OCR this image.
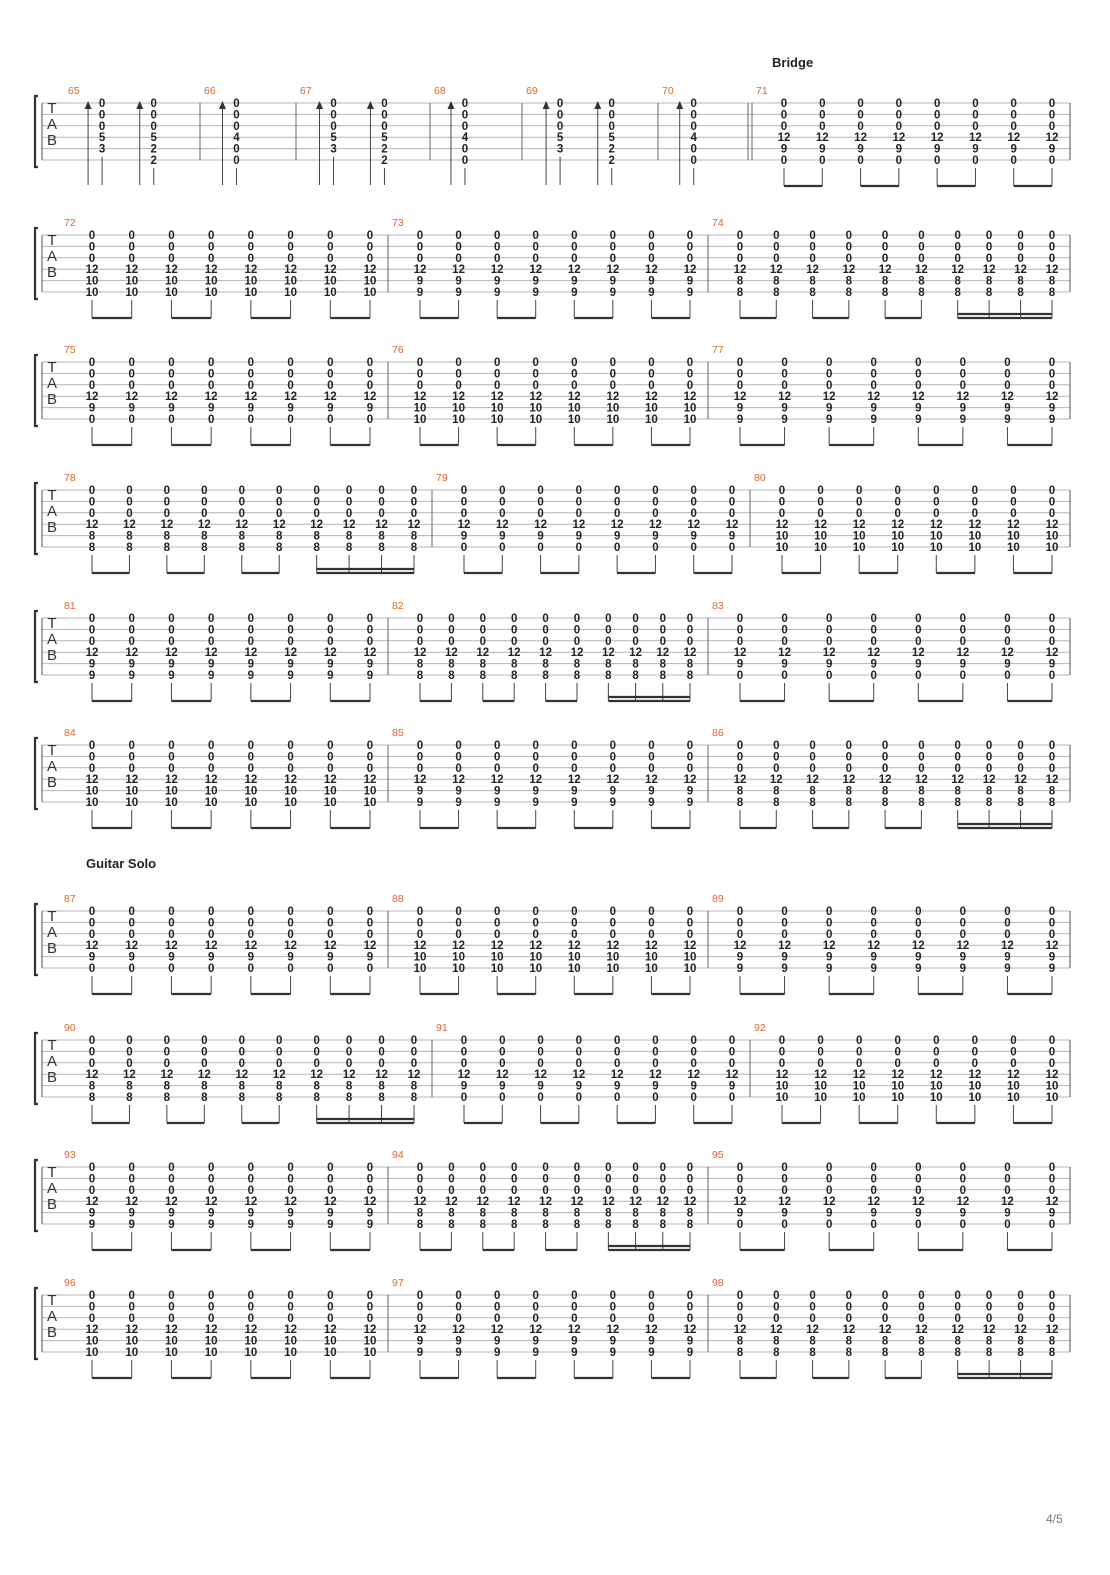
T
A
B
65
0
0
0
5
3
0
0
0
5
2
2
66
0
0
0
4
0
0
67
0
0
0
5
3
0
0
0
5
2
2
68
0
0
0
4
0
0
69
0
0
0
5
3
0
0
0
5
2
2
70
0
0
0
4
0
0
71
0
0
0
12
9
0
0
0
0
12
9
0
0
0
0
12
9
0
0
0
0
12
9
0
0
0
0
12
9
0
0
0
0
12
9
0
0
0
0
12
9
0
0
0
0
12
9
0
T
A
B
72
0
0
0
12
10
10
0
0
0
12
10
10
0
0
0
12
10
10
0
0
0
12
10
10
0
0
0
12
10
10
0
0
0
12
10
10
0
0
0
12
10
10
0
0
0
12
10
10
73
0
0
0
12
9
9
0
0
0
12
9
9
0
0
0
12
9
9
0
0
0
12
9
9
0
0
0
12
9
9
0
0
0
12
9
9
0
0
0
12
9
9
0
0
0
12
9
9
74
0
0
0
12
8
8
0
0
0
12
8
8
0
0
0
12
8
8
0
0
0
12
8
8
0
0
0
12
8
8
0
0
0
12
8
8
0
0
0
12
8
8
0
0
0
12
8
8
0
0
0
12
8
8
0
0
0
12
8
8
T
A
B
75
0
0
0
12
9
0
0
0
0
12
9
0
0
0
0
12
9
0
0
0
0
12
9
0
0
0
0
12
9
0
0
0
0
12
9
0
0
0
0
12
9
0
0
0
0
12
9
0
76
0
0
0
12
10
10
0
0
0
12
10
10
0
0
0
12
10
10
0
0
0
12
10
10
0
0
0
12
10
10
0
0
0
12
10
10
0
0
0
12
10
10
0
0
0
12
10
10
77
0
0
0
12
9
9
0
0
0
12
9
9
0
0
0
12
9
9
0
0
0
12
9
9
0
0
0
12
9
9
0
0
0
12
9
9
0
0
0
12
9
9
0
0
0
12
9
9
T
A
B
78
0
0
0
12
8
8
0
0
0
12
8
8
0
0
0
12
8
8
0
0
0
12
8
8
0
0
0
12
8
8
0
0
0
12
8
8
0
0
0
12
8
8
0
0
0
12
8
8
0
0
0
12
8
8
0
0
0
12
8
8
79
0
0
0
12
9
0
0
0
0
12
9
0
0
0
0
12
9
0
0
0
0
12
9
0
0
0
0
12
9
0
0
0
0
12
9
0
0
0
0
12
9
0
0
0
0
12
9
0
80
0
0
0
12
10
10
0
0
0
12
10
10
0
0
0
12
10
10
0
0
0
12
10
10
0
0
0
12
10
10
0
0
0
12
10
10
0
0
0
12
10
10
0
0
0
12
10
10
T
A
B
81
0
0
0
12
9
9
0
0
0
12
9
9
0
0
0
12
9
9
0
0
0
12
9
9
0
0
0
12
9
9
0
0
0
12
9
9
0
0
0
12
9
9
0
0
0
12
9
9
82
0
0
0
12
8
8
0
0
0
12
8
8
0
0
0
12
8
8
0
0
0
12
8
8
0
0
0
12
8
8
0
0
0
12
8
8
0
0
0
12
8
8
0
0
0
12
8
8
0
0
0
12
8
8
0
0
0
12
8
8
83
0
0
0
12
9
0
0
0
0
12
9
0
0
0
0
12
9
0
0
0
0
12
9
0
0
0
0
12
9
0
0
0
0
12
9
0
0
0
0
12
9
0
0
0
0
12
9
0
T
A
B
84
0
0
0
12
10
10
0
0
0
12
10
10
0
0
0
12
10
10
0
0
0
12
10
10
0
0
0
12
10
10
0
0
0
12
10
10
0
0
0
12
10
10
0
0
0
12
10
10
85
0
0
0
12
9
9
0
0
0
12
9
9
0
0
0
12
9
9
0
0
0
12
9
9
0
0
0
12
9
9
0
0
0
12
9
9
0
0
0
12
9
9
0
0
0
12
9
9
86
0
0
0
12
8
8
0
0
0
12
8
8
0
0
0
12
8
8
0
0
0
12
8
8
0
0
0
12
8
8
0
0
0
12
8
8
0
0
0
12
8
8
0
0
0
12
8
8
0
0
0
12
8
8
0
0
0
12
8
8
T
A
B
87
0
0
0
12
9
0
0
0
0
12
9
0
0
0
0
12
9
0
0
0
0
12
9
0
0
0
0
12
9
0
0
0
0
12
9
0
0
0
0
12
9
0
0
0
0
12
9
0
88
0
0
0
12
10
10
0
0
0
12
10
10
0
0
0
12
10
10
0
0
0
12
10
10
0
0
0
12
10
10
0
0
0
12
10
10
0
0
0
12
10
10
0
0
0
12
10
10
89
0
0
0
12
9
9
0
0
0
12
9
9
0
0
0
12
9
9
0
0
0
12
9
9
0
0
0
12
9
9
0
0
0
12
9
9
0
0
0
12
9
9
0
0
0
12
9
9
T
A
B
90
0
0
0
12
8
8
0
0
0
12
8
8
0
0
0
12
8
8
0
0
0
12
8
8
0
0
0
12
8
8
0
0
0
12
8
8
0
0
0
12
8
8
0
0
0
12
8
8
0
0
0
12
8
8
0
0
0
12
8
8
91
0
0
0
12
9
0
0
0
0
12
9
0
0
0
0
12
9
0
0
0
0
12
9
0
0
0
0
12
9
0
0
0
0
12
9
0
0
0
0
12
9
0
0
0
0
12
9
0
92
0
0
0
12
10
10
0
0
0
12
10
10
0
0
0
12
10
10
0
0
0
12
10
10
0
0
0
12
10
10
0
0
0
12
10
10
0
0
0
12
10
10
0
0
0
12
10
10
T
A
B
93
0
0
0
12
9
9
0
0
0
12
9
9
0
0
0
12
9
9
0
0
0
12
9
9
0
0
0
12
9
9
0
0
0
12
9
9
0
0
0
12
9
9
0
0
0
12
9
9
94
0
0
0
12
8
8
0
0
0
12
8
8
0
0
0
12
8
8
0
0
0
12
8
8
0
0
0
12
8
8
0
0
0
12
8
8
0
0
0
12
8
8
0
0
0
12
8
8
0
0
0
12
8
8
0
0
0
12
8
8
95
0
0
0
12
9
0
0
0
0
12
9
0
0
0
0
12
9
0
0
0
0
12
9
0
0
0
0
12
9
0
0
0
0
12
9
0
0
0
0
12
9
0
0
0
0
12
9
0
T
A
B
96
0
0
0
12
10
10
0
0
0
12
10
10
0
0
0
12
10
10
0
0
0
12
10
10
0
0
0
12
10
10
0
0
0
12
10
10
0
0
0
12
10
10
0
0
0
12
10
10
97
0
0
0
12
9
9
0
0
0
12
9
9
0
0
0
12
9
9
0
0
0
12
9
9
0
0
0
12
9
9
0
0
0
12
9
9
0
0
0
12
9
9
0
0
0
12
9
9
98
0
0
0
12
8
8
0
0
0
12
8
8
0
0
0
12
8
8
0
0
0
12
8
8
0
0
0
12
8
8
0
0
0
12
8
8
0
0
0
12
8
8
0
0
0
12
8
8
0
0
0
12
8
8
0
0
0
12
8
8
Bridge
Guitar Solo
4/5
